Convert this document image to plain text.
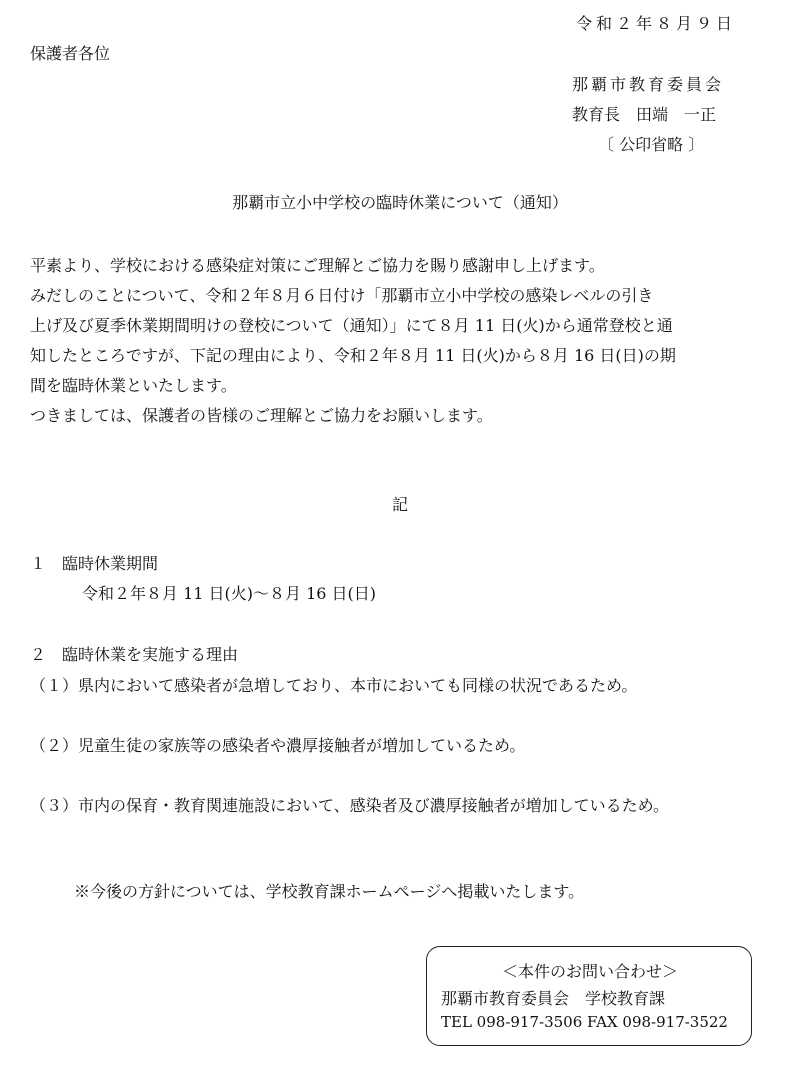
令和２年８月９日
保護者各位
那覇市教育委員会
教育長　田端　一正
〔 公印省略 〕
那覇市立小中学校の臨時休業について（通知）
平素より、学校における感染症対策にご理解とご協力を賜り感謝申し上げます。
みだしのことについて、令和２年８月６日付け「那覇市立小中学校の感染レベルの引き
上げ及び夏季休業期間明けの登校について（通知）」にて８月 11 日(火)から通常登校と通
知したところですが、下記の理由により、令和２年８月 11 日(火)から８月 16 日(日)の期
間を臨時休業といたします。
つきましては、保護者の皆様のご理解とご協力をお願いします。
記
１　臨時休業期間
令和２年８月 11 日(火)～８月 16 日(日)
２　臨時休業を実施する理由
（１）県内において感染者が急増しており、本市においても同様の状況であるため。
（２）児童生徒の家族等の感染者や濃厚接触者が増加しているため。
（３）市内の保育・教育関連施設において、感染者及び濃厚接触者が増加しているため。
※今後の方針については、学校教育課ホームページへ掲載いたします。
＜本件のお問い合わせ＞
那覇市教育委員会　学校教育課
TEL 098-917-3506 FAX 098-917-3522
